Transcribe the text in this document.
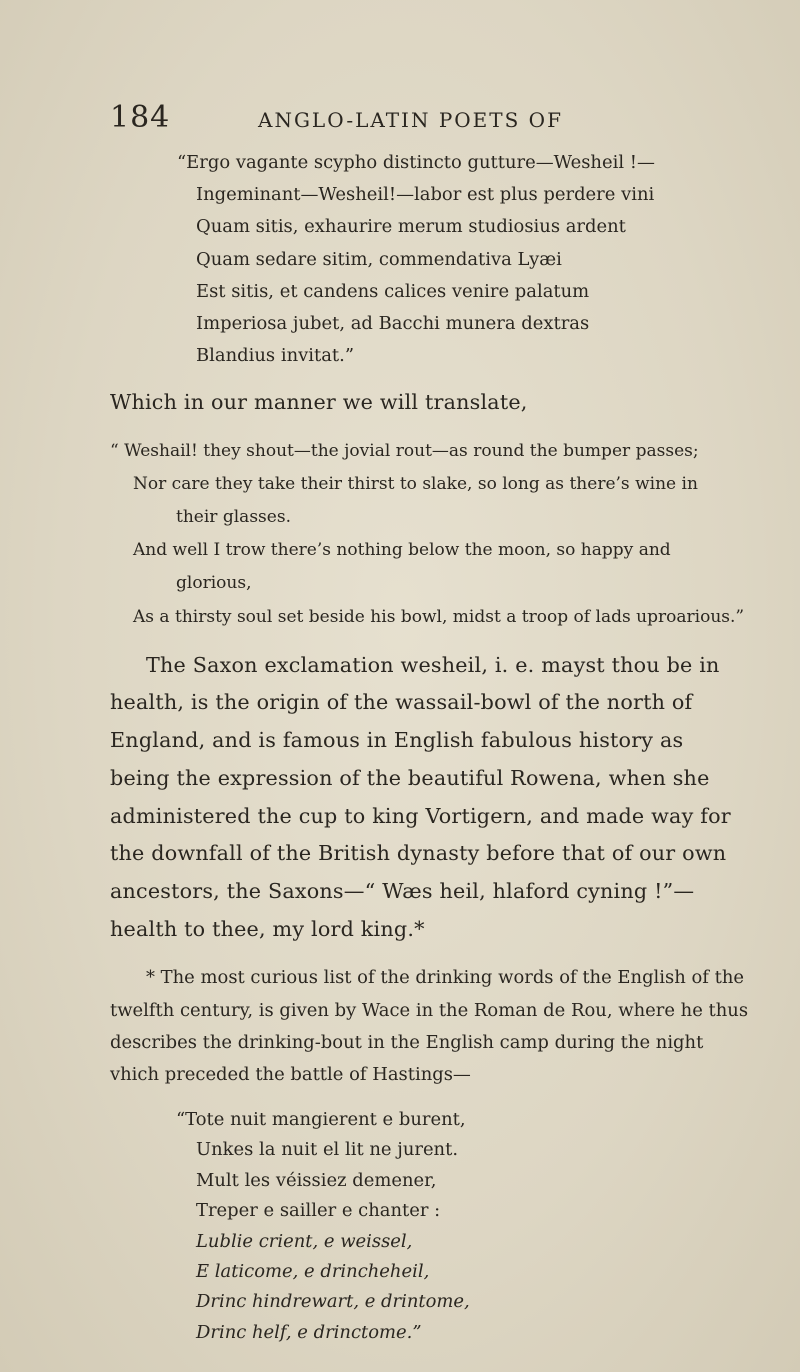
184	ANGLO-LATIN POETS OF
“Ergo vagante scypho distincto gutture—Wesheil !—
Ingeminant—Wesheil!—labor est plus perdere vini
Quam sitis, exhaurire merum studiosius ardent
Quam sedare sitim, commendativa Lyæi
Est sitis, et candens calices venire palatum
Imperiosa jubet, ad Bacchi munera dextras
Blandius invitat.”
Which in our manner we will translate,
“ Weshail! they shout—the jovial rout—as round the bumper passes;
Nor care they take their thirst to slake, so long as there’s wine in
their glasses.
And well I trow there’s nothing below the moon, so happy and
glorious,
As a thirsty soul set beside his bowl, midst a troop of lads uproarious.”
The Saxon exclamation wesheil, i. e. mayst thou be in
health, is the origin of the wassail-bowl of the north of
England, and is famous in English fabulous history as
being the expression of the beautiful Rowena, when she
administered the cup to king Vortigern, and made way for
the downfall of the British dynasty before that of our own
ancestors, the Saxons—“ Wæs heil, hlaford cyning !”—
health to thee, my lord king.*
* The most curious list of the drinking words of the English of the
twelfth century, is given by Wace in the Roman de Rou, where he thus
describes the drinking-bout in the English camp during the night
vhich preceded the battle of Hastings—
“Tote nuit mangierent e burent,
Unkes la nuit el lit ne jurent.
Mult les véissiez demener,
Treper e sailler e chanter :
Lublie crient, e weissel,
E laticome, e drincheheil,
Drinc hindrewart, e drintome,
Drinc helf, e drinctome.”
